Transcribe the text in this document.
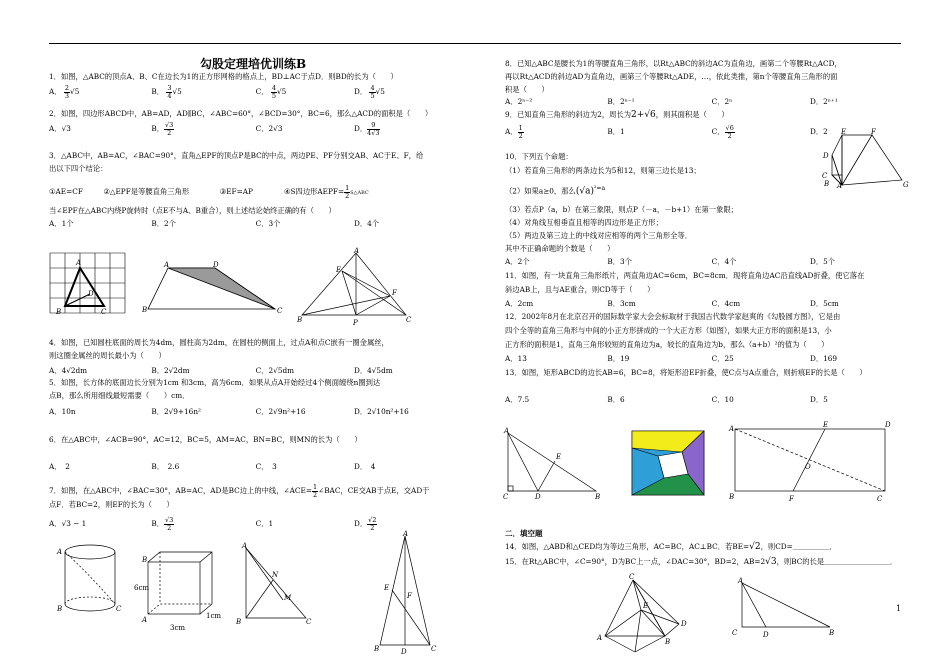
勾股定理培优训练B
1．如图，△ABC的顶点A、B、C在边长为1的正方形网格的格点上，BD⊥AC于点D．则BD的长为（　　）
A． $\frac{2}{3} √5$	B． $\frac{3}{4} √5$	C． $\frac{4}{5} √5$	D． $\frac{4}{5} √5$
2．如图，四边形ABCD中，AB=AD，AD∥BC，∠ABC=60°，∠BCD=30°，BC=6，那么△ACD的面积是（　　）
A．√3	B． $\frac{√3}{2}$	C．2√3	D． $\frac{9}{4√3}$
3．△ABC中，AB=AC，∠BAC=90°，直角△EPF的顶点P是BC的中点，两边PE、PF分别交AB、AC于E、F，给
出以下四个结论：
①AE=CF	②△EPF是等腰直角三角形	③EF=AP	④S四边形AEPF= $\frac{1}{2}$ S△ABC
当∠EPF在△ABC内绕P旋转时（点E不与A、B重合），则上述结论始终正确的有（　　）
A．1个	B．2个	C．3个	D．4个
A
B	C
D
A	D
B	C
A
E
F
B	P	C
4．如图，已知圆柱底面的周长为4dm，圆柱高为2dm，在圆柱的侧面上，过点A和点C嵌有一圈金属丝，
则这圈金属丝的周长最小为（　　）
A．4√2dm	B．2√2dm	C．2√5dm	D．4√5dm
5．如图，长方体的底面边长分别为1cm 和3cm，高为6cm．如果从点A开始经过4个侧面缠绕n圈到达
点B，那么所用细线最短需要（　　）cm．
A．10n	B．2√9+16n²	C．2√9n²+16	D．2√10n²+16
6．在△ABC中，∠ACB=90°，AC=12，BC=5，AM=AC，BN=BC，则MN的长为（　　）
A．　2	B．　2.6	C．　3	D．　4
7．如图，在△ABC中，∠BAC=30°，AB=AC，AD是BC边上的中线，∠ACE= $\frac{1}{2}$ ∠BAC，CE交AB于点E，交AD于
点F．若BC=2，则EF的长为（　　）
A．√3 − 1	B． $\frac{√3}{2}$	C．1	D． $\frac{√2}{2}$
A
B	C
B
A
6cm
3cm
1cm
A
N
M
B	C
A
E
F
B	D	C
8．已知△ABC是腰长为1的等腰直角三角形，以Rt△ABC的斜边AC为直角边，画第二个等腰Rt△ACD，
再以Rt△ACD的斜边AD为直角边，画第三个等腰Rt△ADE，…，依此类推，第n个等腰直角三角形的面
积是（　　）
A．2ⁿ⁻²	B．2ⁿ⁻¹	C．2ⁿ	D．2ⁿ⁺¹
9．已知直角三角形的斜边为2，周长为2+√6，则其面积是（　　）
A． $\frac{1}{2}$	B．1	C． $\frac{√6}{2}$	D．2
D
C
E	F
A
B	G
10．下列五个命题：
（1）若直角三角形的两条边长为5和12，则第三边长是13；
（2）如果a≥0，那么$(√a)^{^2=a}$
（3）若点P（a，b）在第三象限，则点P（－a，－b+1）在第一象限；
（4）对角线互相垂直且相等的四边形是正方形；
（5）两边及第三边上的中线对应相等的两个三角形全等．
其中不正确命题的个数是（　　）
A．2个	B．3个	C．4个	D．5个
11．如图，有一块直角三角形纸片，两直角边AC=6cm，BC=8cm．现将直角边AC沿直线AD折叠，使它落在
斜边AB上，且与AE重合，则CD等于（　　）
A．2cm	B．3cm	C．4cm	D．5cm
12．2002年8月在北京召开的国际数学家大会会标取材于我国古代数学家赵爽的《勾股圆方图》，它是由
四个全等的直角三角形与中间的小正方形拼成的一个大正方形（如图），如果大正方形的面积是13，小
正方形的面积是1，直角三角形较短的直角边为a，较长的直角边为b，那么（a+b）²的值为（　　）
A．13	B．19	C．25	D．169
13．如图，矩形ABCD的边长AB=6，BC=8，将矩形沿EF折叠，使C点与A点重合，则折痕EF的长是（　　）
A．7.5	B．6	C．10	D．5
A
E
C	D	B
A	E	D
O
B	F	C
二．填空题
14．如图，△ABD和△CED均为等边三角形，AC=BC，AC⊥BC．若BE=√2，则CD=＿＿＿＿＿．
15．在Rt△ABC中，∠C=90°，D为BC上一点，∠DAC=30°，BD=2，AB=2√3，则BC的长是＿＿＿＿＿＿＿＿＿．
C
E
D
A	B
A
C	D	B
1
